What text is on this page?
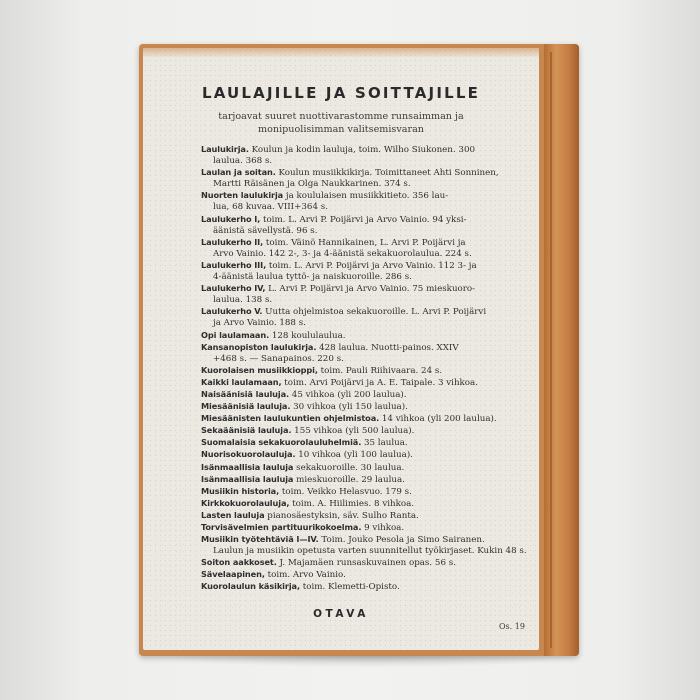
LAULAJILLE JA SOITTAJILLE
tarjoavat suuret nuottivarastomme runsaimman ja
monipuolisimman valitsemisvaran
Laulukirja. Koulun ja kodin lauluja, toim. Wilho Siukonen. 300
laulua. 368 s.
Laulan ja soitan. Koulun musiikkikirja. Toimittaneet Ahti Sonninen,
Martti Räisänen ja Olga Naukkarinen. 374 s.
Nuorten laulukirja ja koululaisen musiikkitieto. 356 lau-
lua, 68 kuvaa. VIII+364 s.
Laulukerho I, toim. L. Arvi P. Poijärvi ja Arvo Vainio. 94 yksi-
äänistä sävellystä. 96 s.
Laulukerho II, toim. Väinö Hannikainen, L. Arvi P. Poijärvi ja
Arvo Vainio. 142 2-, 3- ja 4-äänistä sekakuorolaulua. 224 s.
Laulukerho III, toim. L. Arvi P. Poijärvi ja Arvo Vainio. 112 3- ja
4-äänistä laulua tyttö- ja naiskuoroille. 286 s.
Laulukerho IV, L. Arvi P. Poijärvi ja Arvo Vainio. 75 mieskuoro-
laulua. 138 s.
Laulukerho V. Uutta ohjelmistoa sekakuoroille. L. Arvi P. Poijärvi
ja Arvo Vainio. 188 s.
Opi laulamaan. 128 koululaulua.
Kansanopiston laulukirja. 428 laulua. Nuotti-painos. XXIV
+468 s. — Sanapainos. 220 s.
Kuorolaisen musiikkioppi, toim. Pauli Riihivaara. 24 s.
Kaikki laulamaan, toim. Arvi Poijärvi ja A. E. Taipale. 3 vihkoa.
Naisäänisiä lauluja. 45 vihkoa (yli 200 laulua).
Miesäänisiä lauluja. 30 vihkoa (yli 150 laulua).
Miesäänisten laulukuntien ohjelmistoa. 14 vihkoa (yli 200 laulua).
Sekaäänisiä lauluja. 155 vihkoa (yli 500 laulua).
Suomalaisia sekakuorolauluhelmiä. 35 laulua.
Nuorisokuorolauluja. 10 vihkoa (yli 100 laulua).
Isänmaallisia lauluja sekakuoroille. 30 laulua.
Isänmaallisia lauluja mieskuoroille. 29 laulua.
Musiikin historia, toim. Veikko Helasvuo. 179 s.
Kirkkokuorolauluja, toim. A. Hiilimies. 8 vihkoa.
Lasten lauluja pianosäestyksin, säv. Sulho Ranta.
Torvisävelmien partituurikokoelma. 9 vihkoa.
Musiikin työtehtäviä I—IV. Toim. Jouko Pesola ja Simo Sairanen.
Laulun ja musiikin opetusta varten suunnitellut työkirjaset. Kukin 48 s.
Soiton aakkoset. J. Majamäen runsaskuvainen opas. 56 s.
Sävelaapinen, toim. Arvo Vainio.
Kuorolaulun käsikirja, toim. Klemetti-Opisto.
OTAVA
Os. 19
